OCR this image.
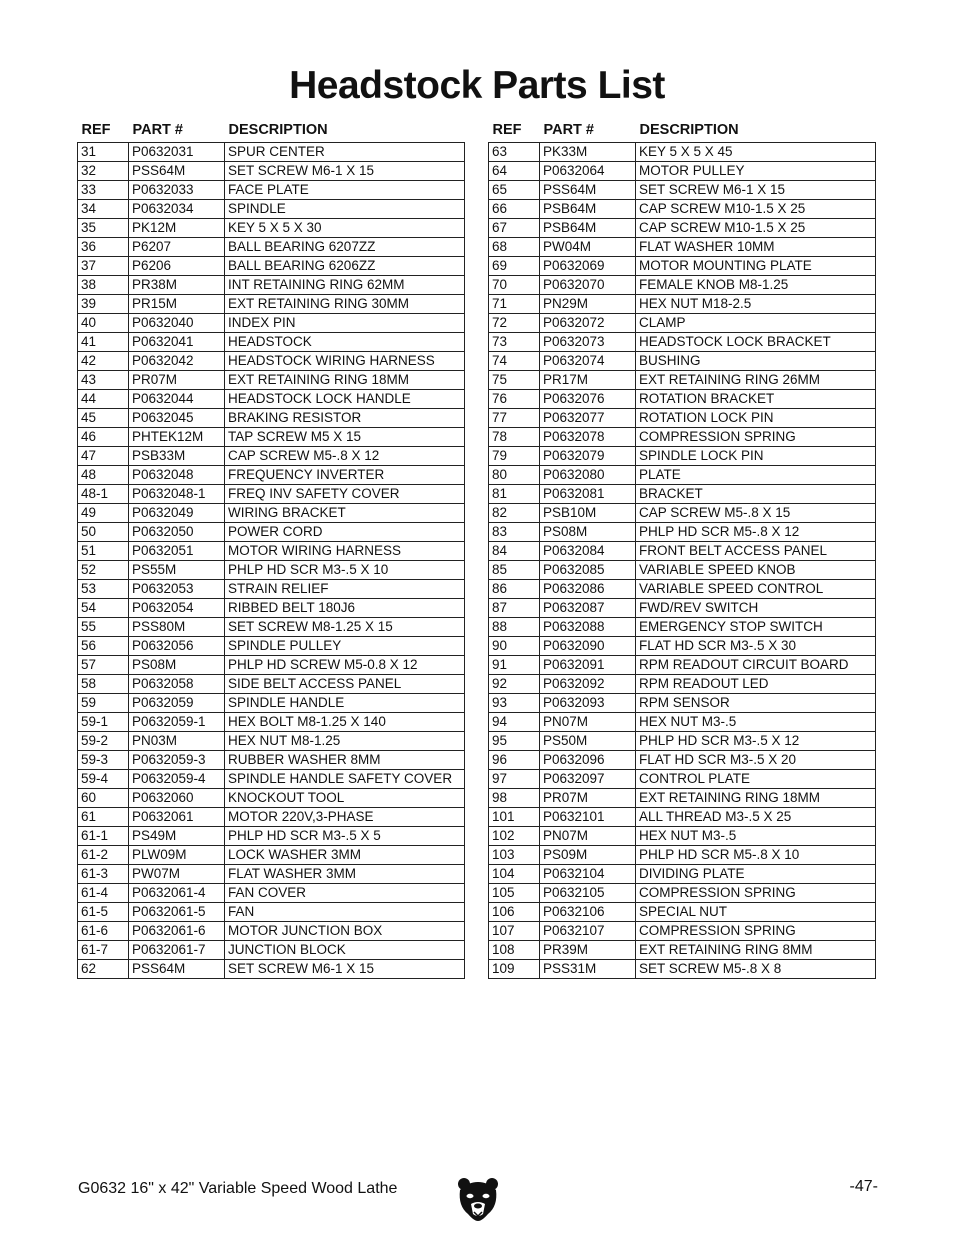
Headstock Parts List
REF	PART #	DESCRIPTION
31	P0632031	SPUR CENTER
32	PSS64M	SET SCREW M6-1 X 15
33	P0632033	FACE PLATE
34	P0632034	SPINDLE
35	PK12M	KEY 5 X 5 X 30
36	P6207	BALL BEARING 6207ZZ
37	P6206	BALL BEARING 6206ZZ
38	PR38M	INT RETAINING RING 62MM
39	PR15M	EXT RETAINING RING 30MM
40	P0632040	INDEX PIN
41	P0632041	HEADSTOCK
42	P0632042	HEADSTOCK WIRING HARNESS
43	PR07M	EXT RETAINING RING 18MM
44	P0632044	HEADSTOCK LOCK HANDLE
45	P0632045	BRAKING RESISTOR
46	PHTEK12M	TAP SCREW M5 X 15
47	PSB33M	CAP SCREW M5-.8 X 12
48	P0632048	FREQUENCY INVERTER
48-1	P0632048-1	FREQ INV SAFETY COVER
49	P0632049	WIRING BRACKET
50	P0632050	POWER CORD
51	P0632051	MOTOR WIRING HARNESS
52	PS55M	PHLP HD SCR M3-.5 X 10
53	P0632053	STRAIN RELIEF
54	P0632054	RIBBED BELT 180J6
55	PSS80M	SET SCREW M8-1.25 X 15
56	P0632056	SPINDLE PULLEY
57	PS08M	PHLP HD SCREW M5-0.8 X 12
58	P0632058	SIDE BELT ACCESS PANEL
59	P0632059	SPINDLE HANDLE
59-1	P0632059-1	HEX BOLT M8-1.25 X 140
59-2	PN03M	HEX NUT M8-1.25
59-3	P0632059-3	RUBBER WASHER 8MM
59-4	P0632059-4	SPINDLE HANDLE SAFETY COVER
60	P0632060	KNOCKOUT TOOL
61	P0632061	MOTOR 220V,3-PHASE
61-1	PS49M	PHLP HD SCR M3-.5 X 5
61-2	PLW09M	LOCK WASHER 3MM
61-3	PW07M	FLAT WASHER 3MM
61-4	P0632061-4	FAN COVER
61-5	P0632061-5	FAN
61-6	P0632061-6	MOTOR JUNCTION BOX
61-7	P0632061-7	JUNCTION BLOCK
62	PSS64M	SET SCREW M6-1 X 15
REF	PART #	DESCRIPTION
63	PK33M	KEY 5 X 5 X 45
64	P0632064	MOTOR PULLEY
65	PSS64M	SET SCREW M6-1 X 15
66	PSB64M	CAP SCREW M10-1.5 X 25
67	PSB64M	CAP SCREW M10-1.5 X 25
68	PW04M	FLAT WASHER 10MM
69	P0632069	MOTOR MOUNTING PLATE
70	P0632070	FEMALE KNOB M8-1.25
71	PN29M	HEX NUT M18-2.5
72	P0632072	CLAMP
73	P0632073	HEADSTOCK LOCK BRACKET
74	P0632074	BUSHING
75	PR17M	EXT RETAINING RING 26MM
76	P0632076	ROTATION BRACKET
77	P0632077	ROTATION LOCK PIN
78	P0632078	COMPRESSION SPRING
79	P0632079	SPINDLE LOCK PIN
80	P0632080	PLATE
81	P0632081	BRACKET
82	PSB10M	CAP SCREW M5-.8 X 15
83	PS08M	PHLP HD SCR M5-.8 X 12
84	P0632084	FRONT BELT ACCESS PANEL
85	P0632085	VARIABLE SPEED KNOB
86	P0632086	VARIABLE SPEED CONTROL
87	P0632087	FWD/REV SWITCH
88	P0632088	EMERGENCY STOP SWITCH
90	P0632090	FLAT HD SCR M3-.5 X 30
91	P0632091	RPM READOUT CIRCUIT BOARD
92	P0632092	RPM READOUT LED
93	P0632093	RPM SENSOR
94	PN07M	HEX NUT M3-.5
95	PS50M	PHLP HD SCR M3-.5 X 12
96	P0632096	FLAT HD SCR M3-.5 X 20
97	P0632097	CONTROL PLATE
98	PR07M	EXT RETAINING RING 18MM
101	P0632101	ALL THREAD M3-.5 X 25
102	PN07M	HEX NUT M3-.5
103	PS09M	PHLP HD SCR M5-.8 X 10
104	P0632104	DIVIDING PLATE
105	P0632105	COMPRESSION SPRING
106	P0632106	SPECIAL NUT
107	P0632107	COMPRESSION SPRING
108	PR39M	EXT RETAINING RING 8MM
109	PSS31M	SET SCREW M5-.8 X 8
G0632 16" x 42" Variable Speed Wood Lathe	-47-
